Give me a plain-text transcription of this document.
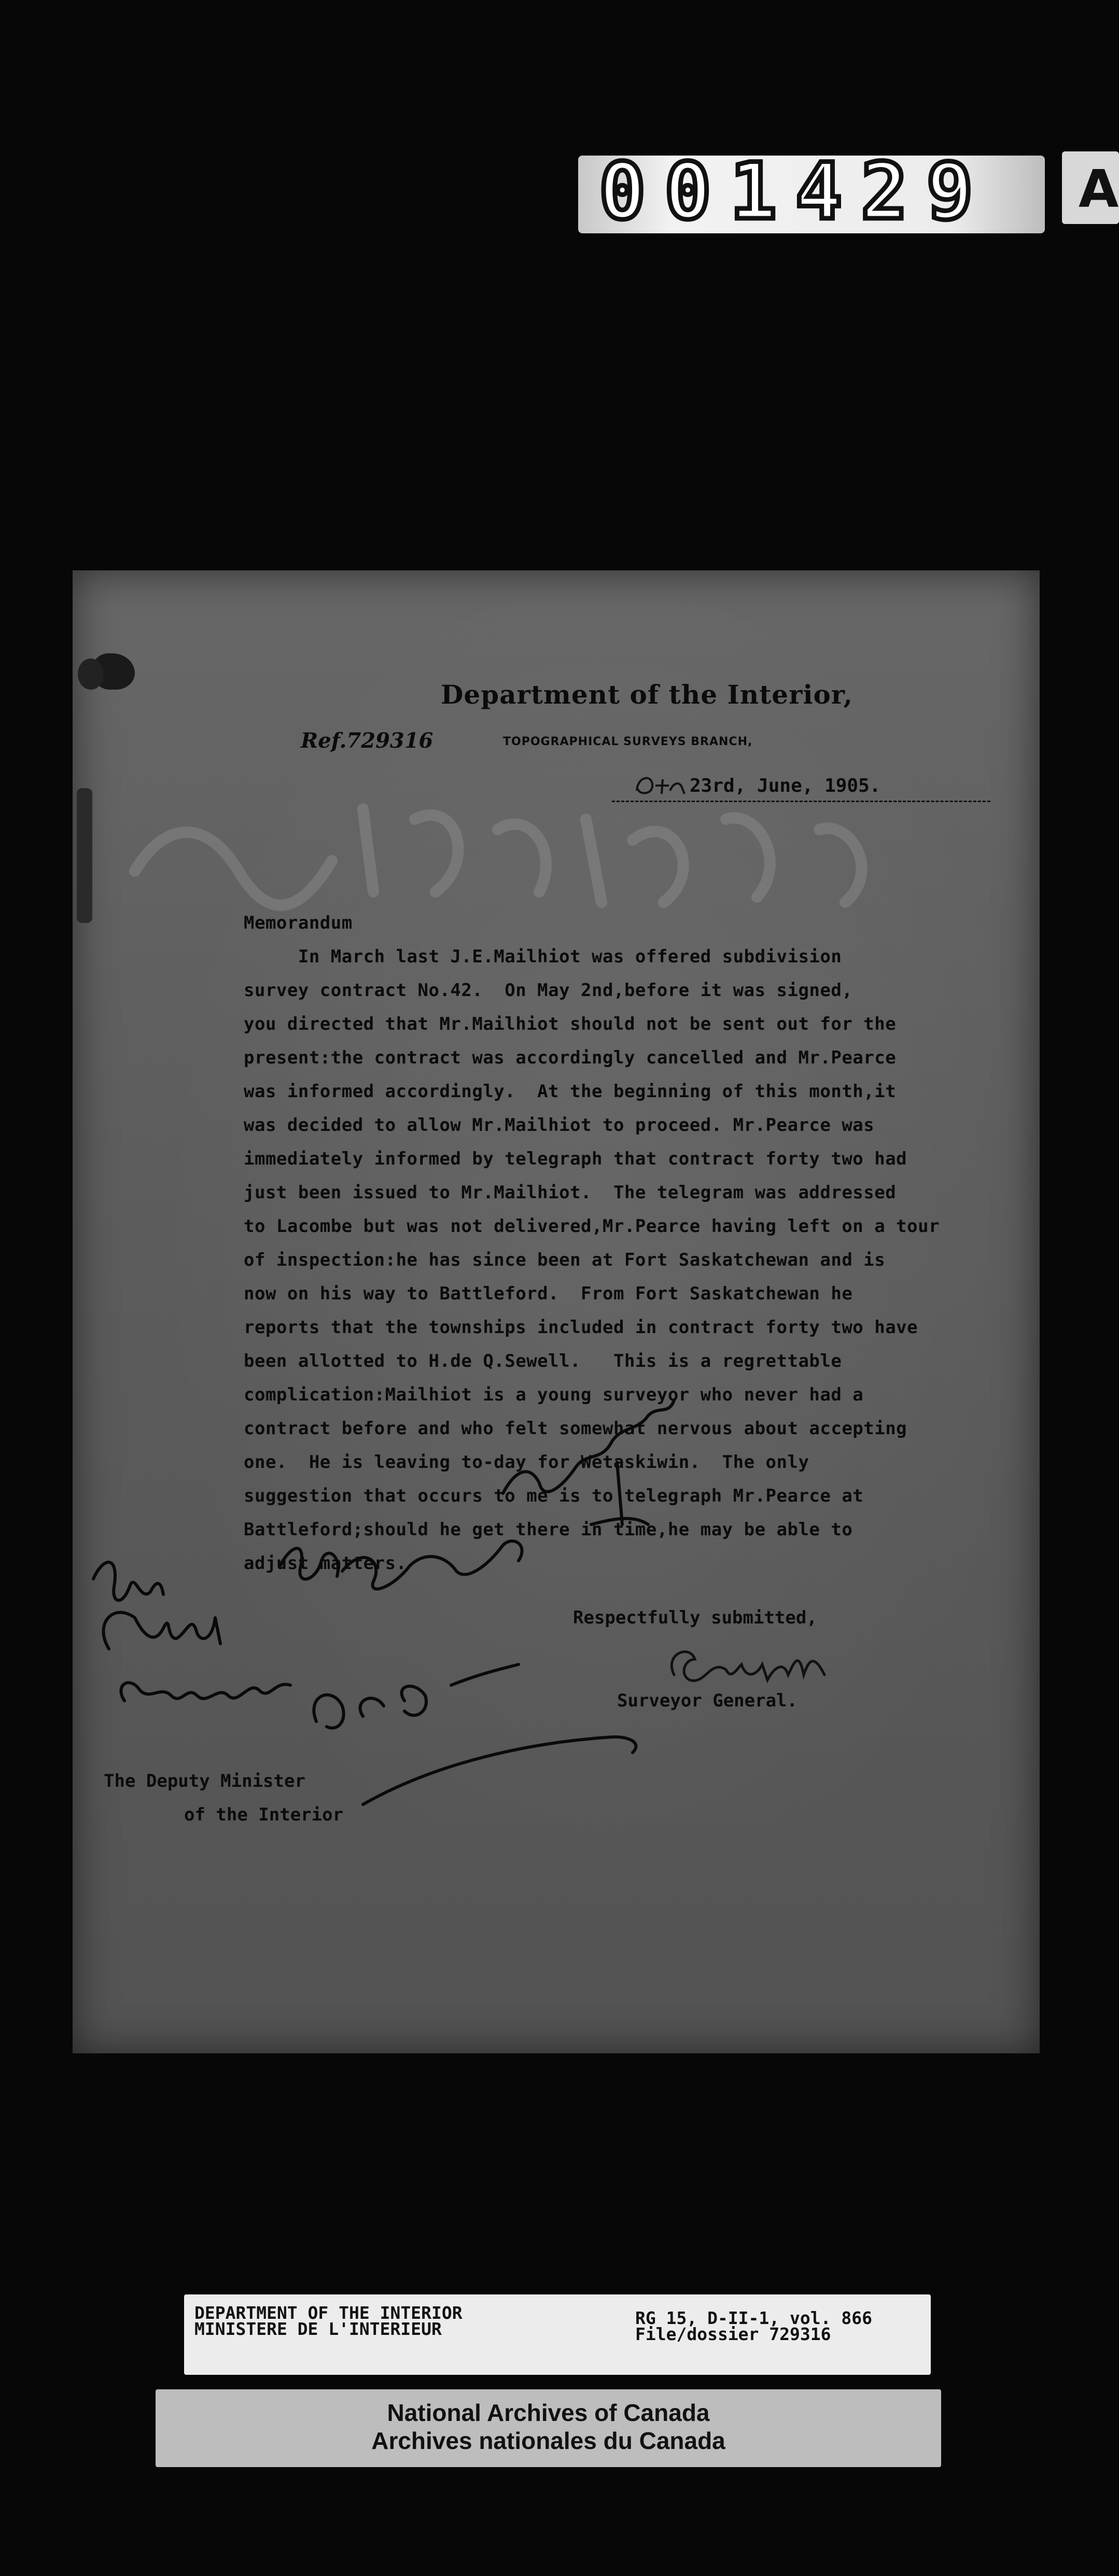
001429	A
Department of the Interior,
Ref.729316	TOPOGRAPHICAL SURVEYS BRANCH,
23rd, June, 1905.
Memorandum
In March last J.E.Mailhiot was offered subdivision
survey contract No.42.  On May 2nd,before it was signed,
you directed that Mr.Mailhiot should not be sent out for the
present:the contract was accordingly cancelled and Mr.Pearce
was informed accordingly.  At the beginning of this month,it
was decided to allow Mr.Mailhiot to proceed. Mr.Pearce was
immediately informed by telegraph that contract forty two had
just been issued to Mr.Mailhiot.  The telegram was addressed
to Lacombe but was not delivered,Mr.Pearce having left on a tour
of inspection:he has since been at Fort Saskatchewan and is
now on his way to Battleford.  From Fort Saskatchewan he
reports that the townships included in contract forty two have
been allotted to H.de Q.Sewell.   This is a regrettable
complication:Mailhiot is a young surveyor who never had a
contract before and who felt somewhat nervous about accepting
one.  He is leaving to-day for Wetaskiwin.  The only
suggestion that occurs to me is to telegraph Mr.Pearce at
Battleford;should he get there in time,he may be able to
adjust matters.
Respectfully submitted,
Surveyor General.
The Deputy Minister
of the Interior
DEPARTMENT OF THE INTERIOR
MINISTERE DE L'INTERIEUR
RG 15, D-II-1, vol. 866
File/dossier 729316
National Archives of Canada
Archives nationales du Canada
